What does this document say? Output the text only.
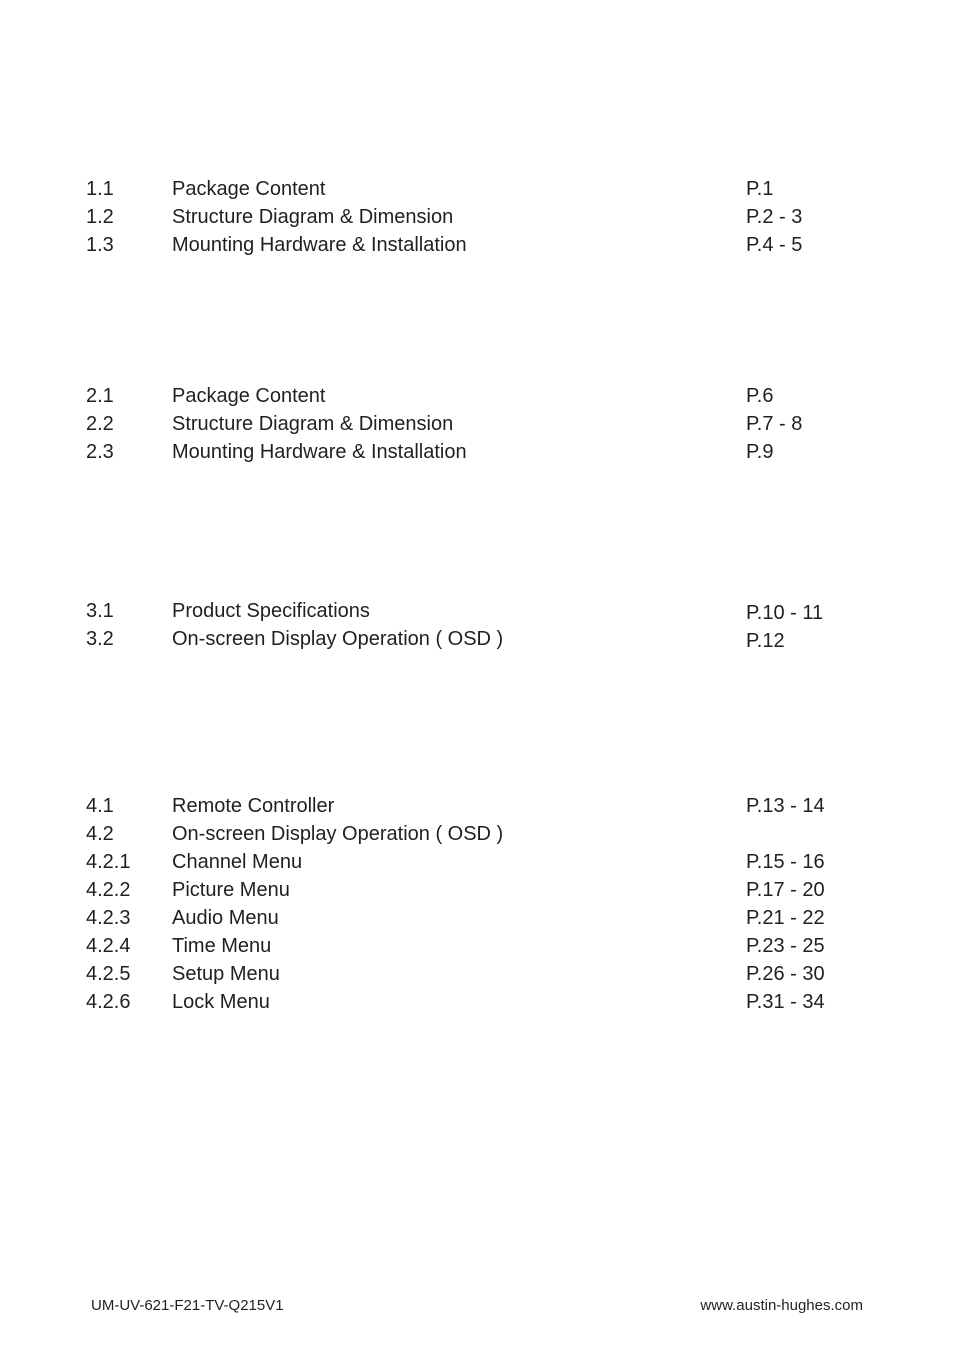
1.1	Package Content	P.1
1.2	Structure Diagram & Dimension	P.2 - 3
1.3	Mounting Hardware & Installation	P.4 - 5
2.1	Package Content	P.6
2.2	Structure Diagram & Dimension	P.7 - 8
2.3	Mounting Hardware & Installation	P.9
3.1	Product Specifications	P.10 - 11
3.2	On-screen Display Operation ( OSD )	P.12
4.1	Remote Controller	P.13 - 14
4.2	On-screen Display Operation ( OSD )
4.2.1 Channel Menu	P.15 - 16
4.2.2 Picture Menu	P.17 - 20
4.2.3 Audio Menu	P.21 - 22
4.2.4 Time Menu	P.23 - 25
4.2.5 Setup Menu	P.26 - 30
4.2.6 Lock Menu	P.31 - 34
UM-UV-621-F21-TV-Q215V1	www.austin-hughes.com
